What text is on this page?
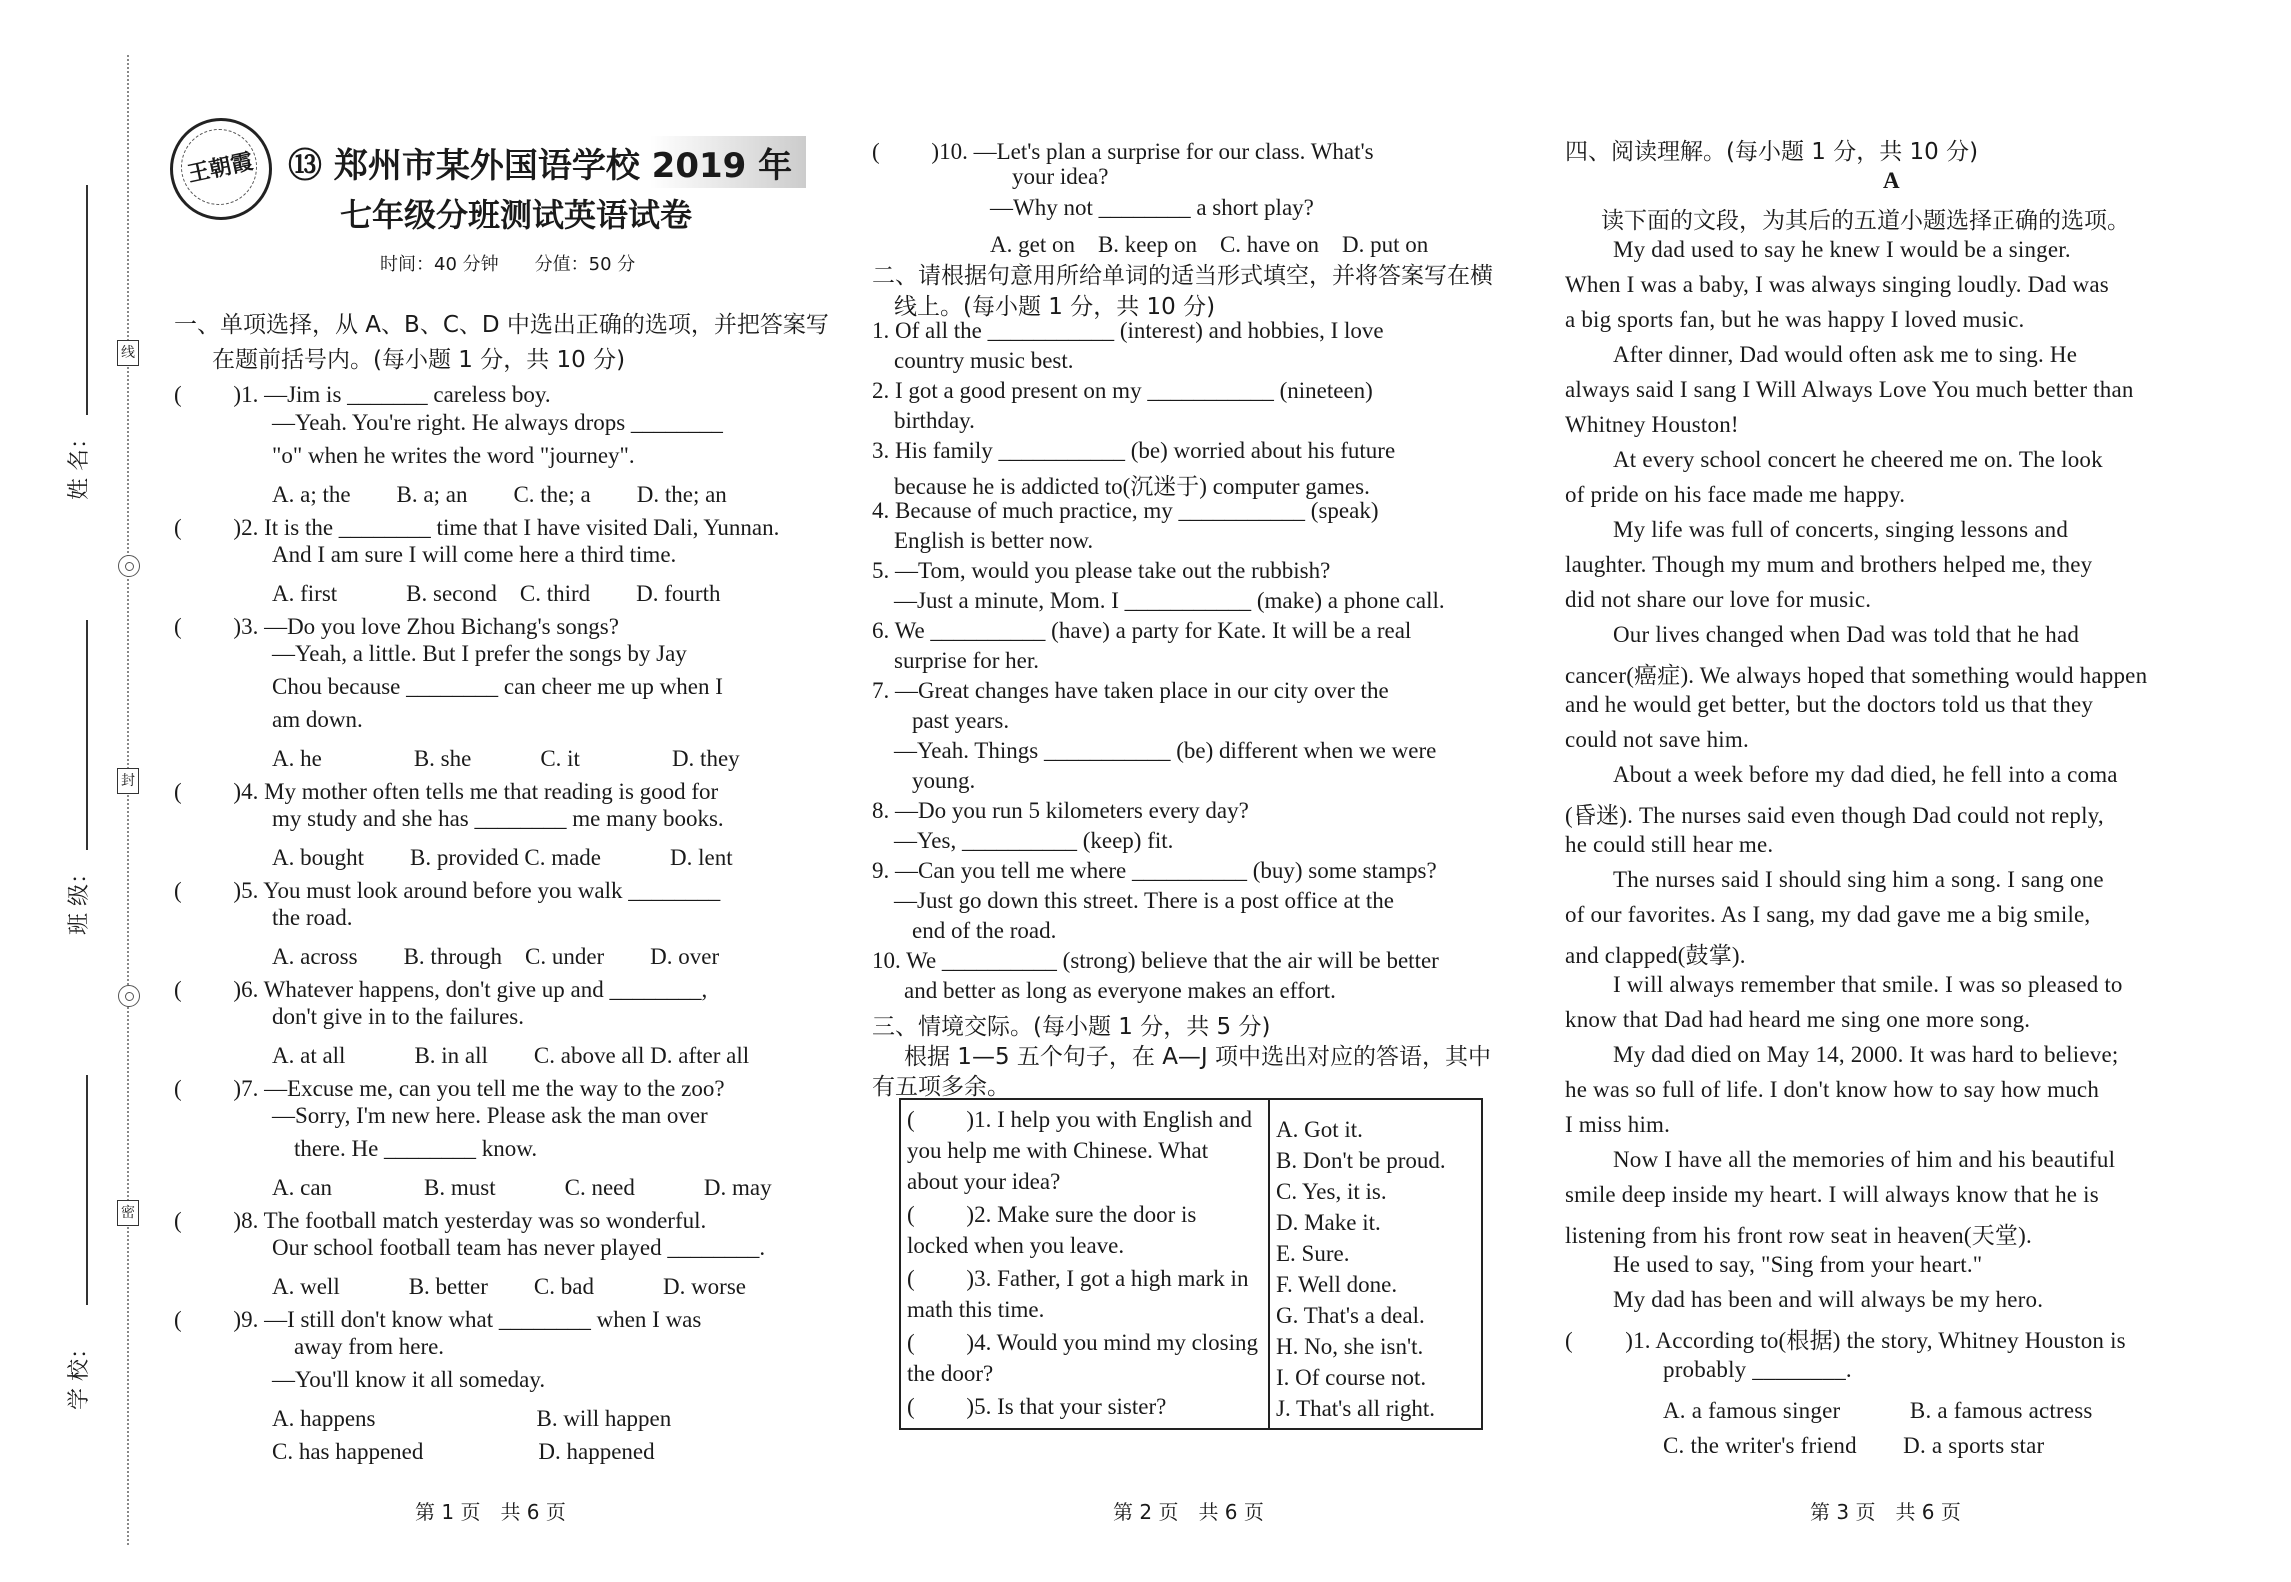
姓 名：
班 级：
学 校：
线
封
密
王朝霞 ⑬ 郑州市某外国语学校 2019 年
七年级分班测试英语试卷
时间：40 分钟　　分值：50 分
一、单项选择，从 A、B、C、D 中选出正确的选项，并把答案写
在题前括号内。(每小题 1 分，共 10 分)
(　　 )1. —Jim is _______ careless boy.
—Yeah. You're right. He always drops ________
"o" when he writes the word "journey".
A. a; the　　B. a; an　　C. the; a　　D. the; an
(　　 )2. It is the ________ time that I have visited Dali, Yunnan.
And I am sure I will come here a third time.
A. first　　　B. second　C. third　　D. fourth
(　　 )3. —Do you love Zhou Bichang's songs?
—Yeah, a little. But I prefer the songs by Jay
Chou because ________ can cheer me up when I
am down.
A. he　　　　B. she　　　C. it　　　　D. they
(　　 )4. My mother often tells me that reading is good for
my study and she has ________ me many books.
A. bought　　B. provided C. made　　　D. lent
(　　 )5. You must look around before you walk ________
the road.
A. across　　B. through　C. under　　D. over
(　　 )6. Whatever happens, don't give up and ________,
don't give in to the failures.
A. at all　　　B. in all　　C. above all D. after all
(　　 )7. —Excuse me, can you tell me the way to the zoo?
—Sorry, I'm new here. Please ask the man over
there. He ________ know.
A. can　　　　B. must　　　C. need　　　D. may
(　　 )8. The football match yesterday was so wonderful.
Our school football team has never played ________.
A. well　　　B. better　　C. bad　　　D. worse
(　　 )9. —I still don't know what ________ when I was
away from here.
—You'll know it all someday.
A. happens　　　　　　　B. will happen
C. has happened　　　　　D. happened
第 1 页　共 6 页
(　　 )10. —Let's plan a surprise for our class. What's
your idea?
—Why not ________ a short play?
A. get on　B. keep on　C. have on　D. put on
二、请根据句意用所给单词的适当形式填空，并将答案写在横
线上。(每小题 1 分，共 10 分)
1. Of all the ___________ (interest) and hobbies, I love
country music best.
2. I got a good present on my ___________ (nineteen)
birthday.
3. His family ___________ (be) worried about his future
because he is addicted to(沉迷于) computer games.
4. Because of much practice, my ___________ (speak)
English is better now.
5. —Tom, would you please take out the rubbish?
—Just a minute, Mom. I ___________ (make) a phone call.
6. We __________ (have) a party for Kate. It will be a real
surprise for her.
7. —Great changes have taken place in our city over the
past years.
—Yeah. Things ___________ (be) different when we were
young.
8. —Do you run 5 kilometers every day?
—Yes, __________ (keep) fit.
9. —Can you tell me where __________ (buy) some stamps?
—Just go down this street. There is a post office at the
end of the road.
10. We __________ (strong) believe that the air will be better
and better as long as everyone makes an effort.
三、情境交际。(每小题 1 分，共 5 分)
根据 1—5 五个句子，在 A—J 项中选出对应的答语，其中
有五项多余。
(　　 )1. I help you with English and you help me with Chinese. What about your idea?
(　　 )2. Make sure the door is locked when you leave.
(　　 )3. Father, I got a high mark in math this time.
(　　 )4. Would you mind my closing the door?
(　　 )5. Is that your sister?

A. Got it.
B. Don't be proud.
C. Yes, it is.
D. Make it.
E. Sure.
F. Well done.
G. That's a deal.
H. No, she isn't.
I. Of course not.
J. That's all right.
第 2 页　共 6 页
四、阅读理解。(每小题 1 分，共 10 分)
A
读下面的文段，为其后的五道小题选择正确的选项。
My dad used to say he knew I would be a singer.
When I was a baby, I was always singing loudly. Dad was
a big sports fan, but he was happy I loved music.
After dinner, Dad would often ask me to sing. He
always said I sang I Will Always Love You much better than
Whitney Houston!
At every school concert he cheered me on. The look
of pride on his face made me happy.
My life was full of concerts, singing lessons and
laughter. Though my mum and brothers helped me, they
did not share our love for music.
Our lives changed when Dad was told that he had
cancer(癌症). We always hoped that something would happen
and he would get better, but the doctors told us that they
could not save him.
About a week before my dad died, he fell into a coma
(昏迷). The nurses said even though Dad could not reply,
he could still hear me.
The nurses said I should sing him a song. I sang one
of our favorites. As I sang, my dad gave me a big smile,
and clapped(鼓掌).
I will always remember that smile. I was so pleased to
know that Dad had heard me sing one more song.
My dad died on May 14, 2000. It was hard to believe;
he was so full of life. I don't know how to say how much
I miss him.
Now I have all the memories of him and his beautiful
smile deep inside my heart. I will always know that he is
listening from his front row seat in heaven(天堂).
He used to say, "Sing from your heart."
My dad has been and will always be my hero.
(　　 )1. According to(根据) the story, Whitney Houston is
probably ________.
A. a famous singer　　　B. a famous actress
C. the writer's friend　　D. a sports star
第 3 页　共 6 页
